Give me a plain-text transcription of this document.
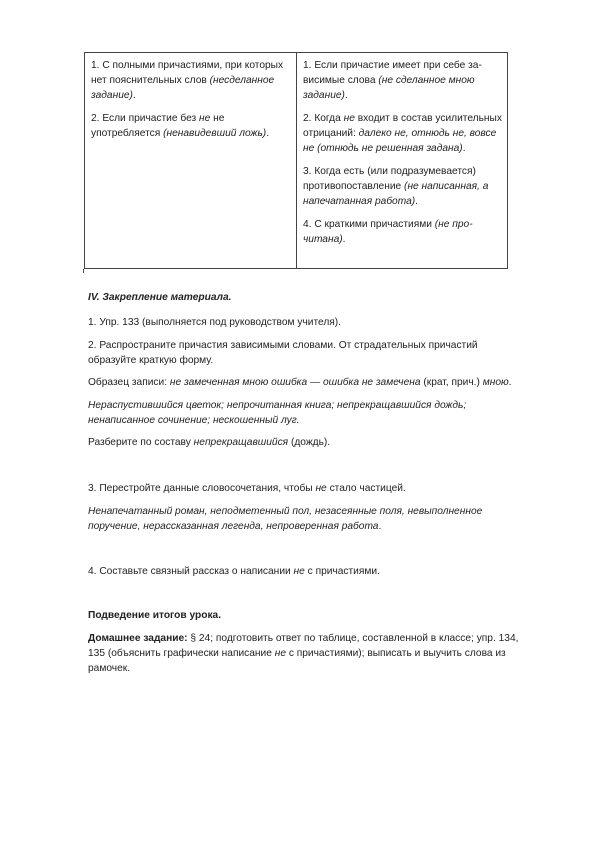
1. С полными причастиями, при которых нет пояснительных слов (несделанное задание).

2. Если причастие без не не употребляется (ненавидевший ложь).

1. Если причастие имеет при себе зависимые слова (не сделанное мною задание).

2. Когда не входит в состав усилительных отрицаний: далеко не, отнюдь не, вовсе не (отнюдь не решенная задана).

3. Когда есть (или подразумевается) противопоставление (не написанная, а напечатанная работа).

4. С краткими причастиями (не прочитана).

IV. Закрепление материала.

1. Упр. 133 (выполняется под руководством учителя).

2. Распространите причастия зависимыми словами. От страдательных причастий образуйте краткую форму.

Образец записи: не замеченная мною ошибка — ошибка не замечена (крат, прич.) мною.

Нераспустившийся цветок; непрочитанная книга; непрекращавшийся дождь; ненаписанное сочинение; нескошенный луг.

Разберите по составу непрекращавшийся (дождь).

3. Перестройте данные словосочетания, чтобы не стало частицей.

Ненапечатанный роман, неподметенный пол, незасеянные поля, невыполненное поручение, нерассказанная легенда, непроверенная работа.

4. Составьте связный рассказ о написании не с причастиями.

Подведение итогов урока.

Домашнее задание: § 24; подготовить ответ по таблице, составленной в классе; упр. 134, 135 (объяснить графически написание не с причастиями); выписать и выучить слова из рамочек.
